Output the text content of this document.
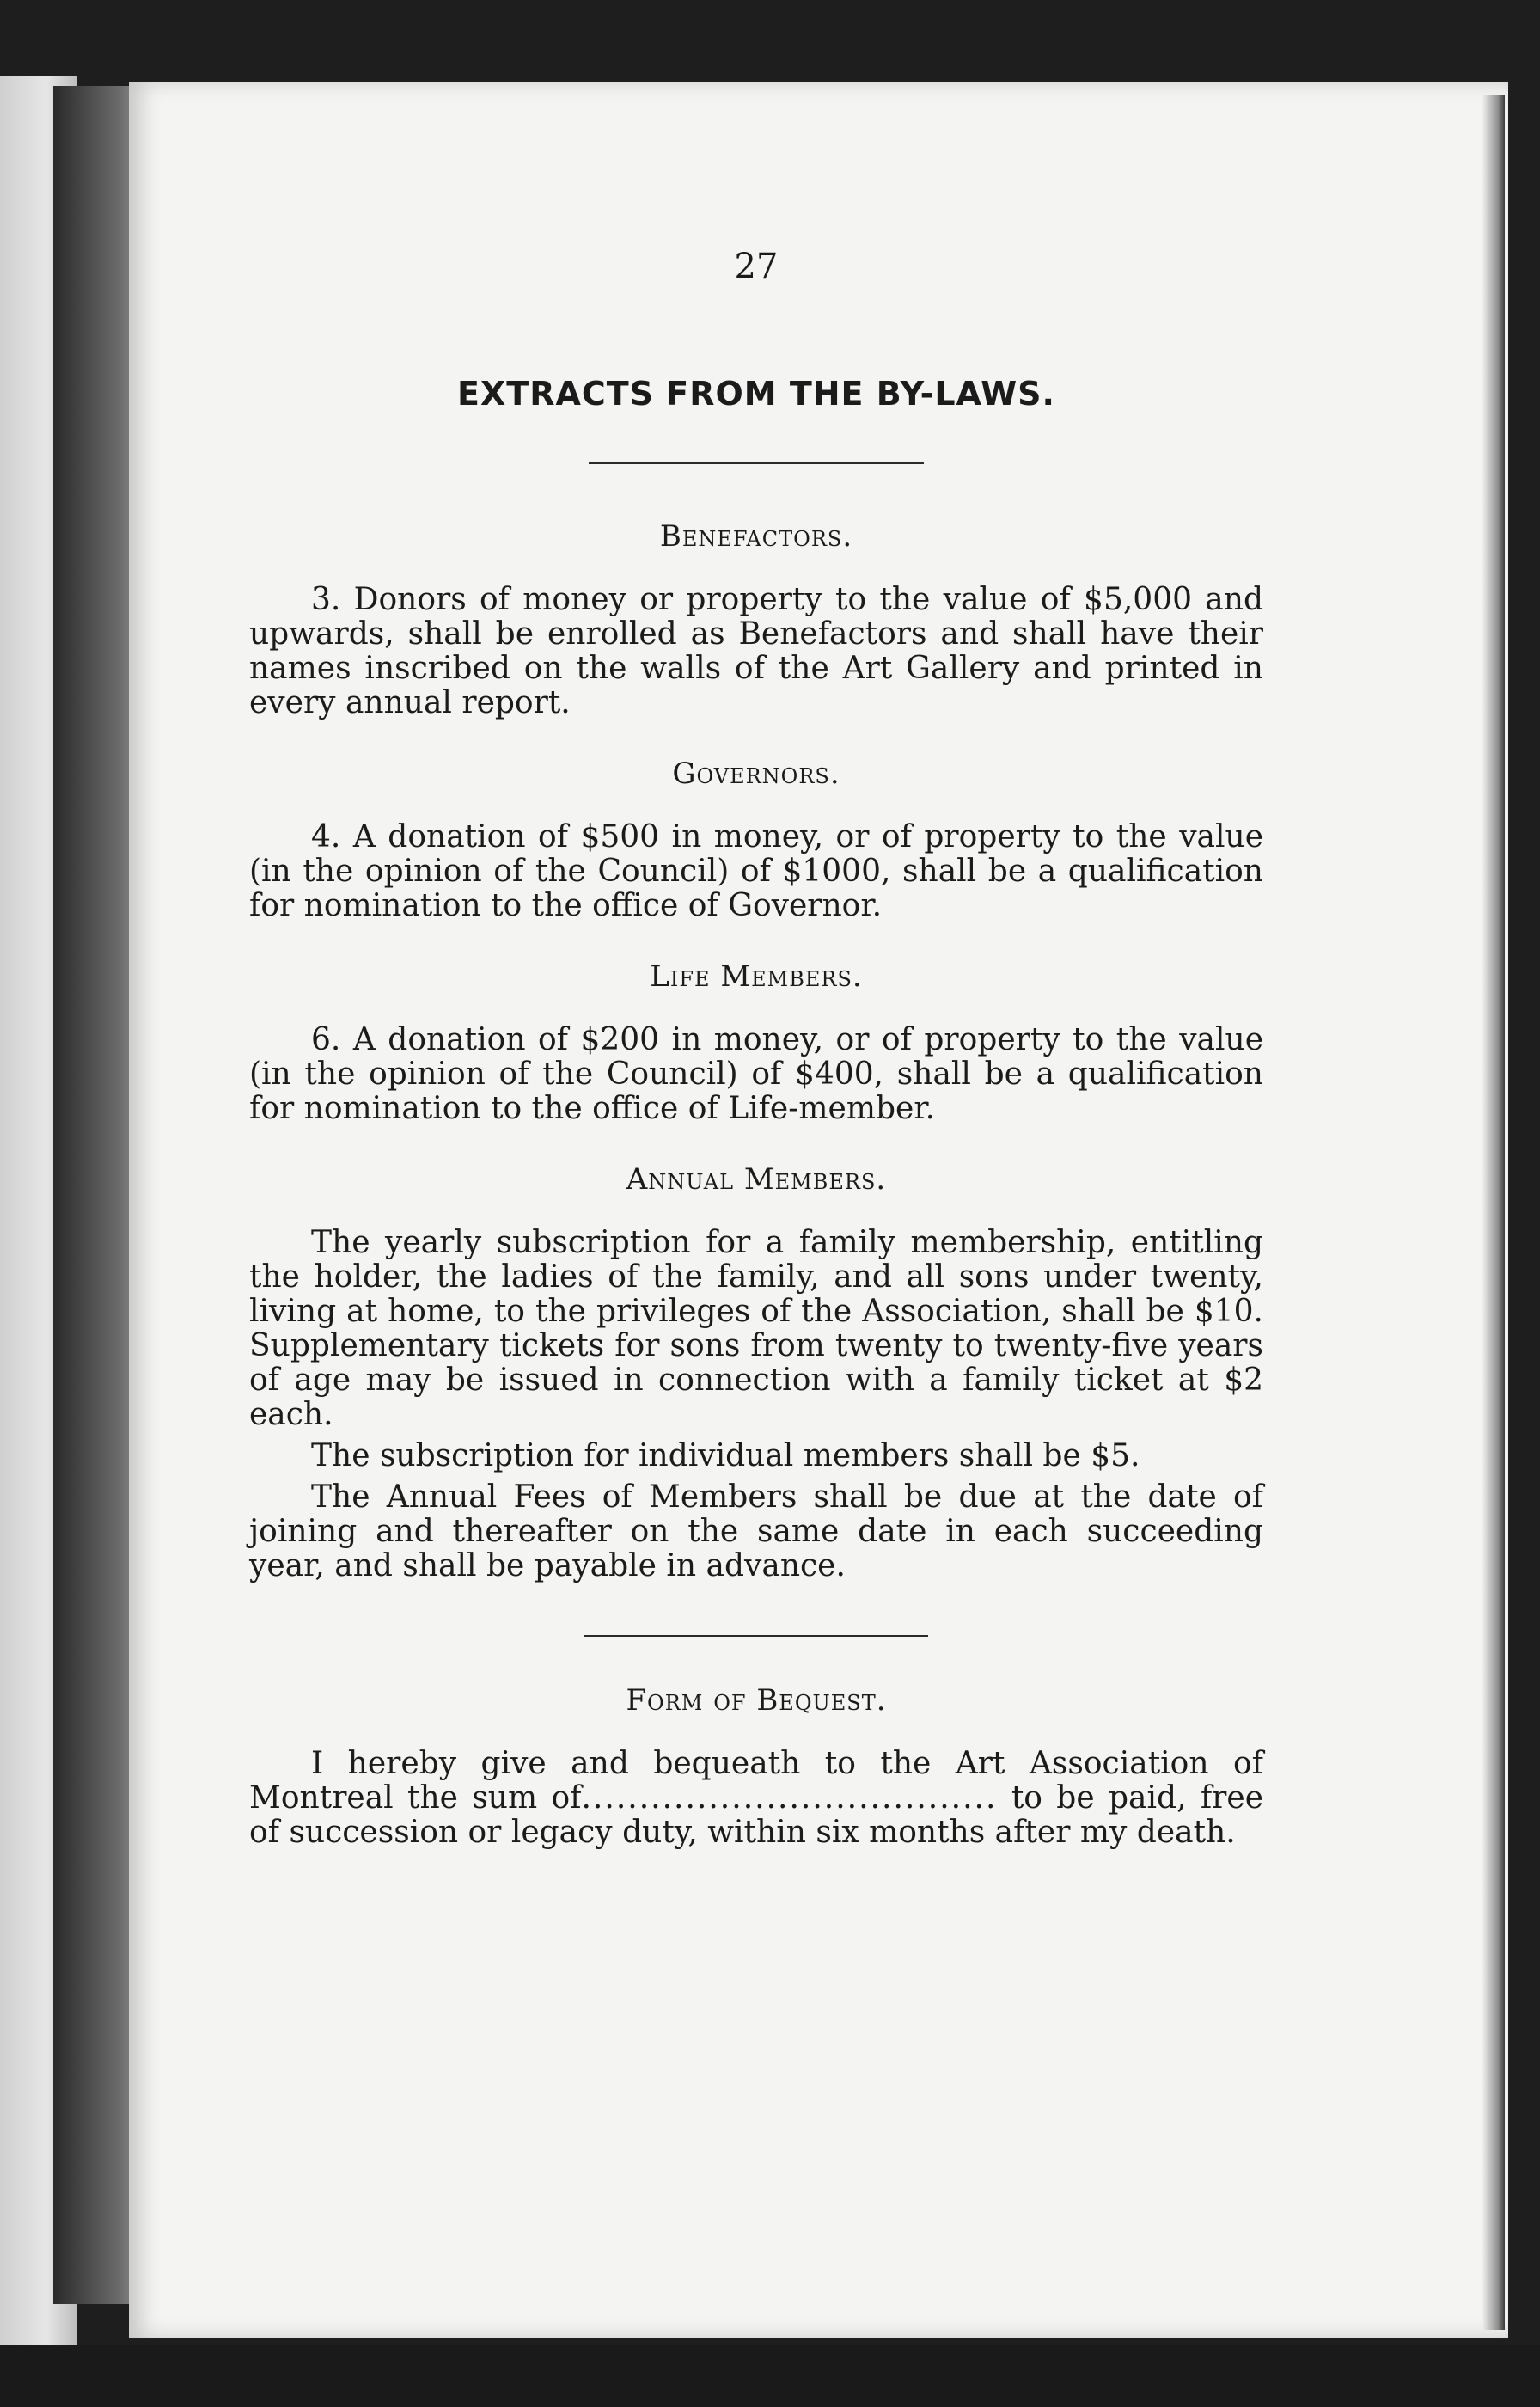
27
EXTRACTS FROM THE BY-LAWS.
Benefactors.

3. Donors of money or property to the value of $5,000 and upwards, shall be enrolled as Benefactors and shall have their names inscribed on the walls of the Art Gallery and printed in every annual report.

Governors.

4. A donation of $500 in money, or of property to the value (in the opinion of the Council) of $1000, shall be a qualification for nomination to the office of Governor.

Life Members.

6. A donation of $200 in money, or of property to the value (in the opinion of the Council) of $400, shall be a qualification for nomination to the office of Life-member.

Annual Members.

The yearly subscription for a family membership, entitling the holder, the ladies of the family, and all sons under twenty, living at home, to the privileges of the Association, shall be $10. Supplementary tickets for sons from twenty to twenty-five years of age may be issued in connection with a family ticket at $2 each.

The subscription for individual members shall be $5.

The Annual Fees of Members shall be due at the date of joining and thereafter on the same date in each succeeding year, and shall be payable in advance.

Form of Bequest.

I hereby give and bequeath to the Art Association of Montreal the sum of.................................... to be paid, free of succession or legacy duty, within six months after my death.
